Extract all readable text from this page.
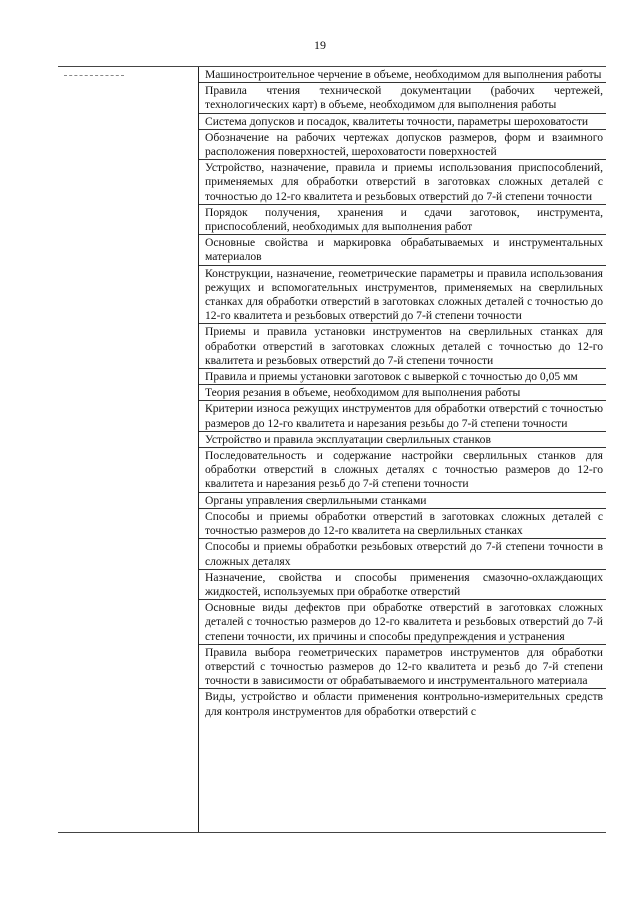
19
Машиностроительное черчение в объеме, необходимом для выполнения работы
Правила чтения технической документации (рабочих чертежей, технологических карт) в объеме, необходимом для выполнения работы
Система допусков и посадок, квалитеты точности, параметры шероховатости
Обозначение на рабочих чертежах допусков размеров, форм и взаимного расположения поверхностей, шероховатости поверхностей
Устройство, назначение, правила и приемы использования приспособлений, применяемых для обработки отверстий в заготовках сложных деталей с точностью до 12-го квалитета и резьбовых отверстий до 7-й степени точности
Порядок получения, хранения и сдачи заготовок, инструмента, приспособлений, необходимых для выполнения работ
Основные свойства и маркировка обрабатываемых и инструментальных материалов
Конструкции, назначение, геометрические параметры и правила использования режущих и вспомогательных инструментов, применяемых на сверлильных станках для обработки отверстий в заготовках сложных деталей с точностью до 12-го квалитета и резьбовых отверстий до 7-й степени точности
Приемы и правила установки инструментов на сверлильных станках для обработки отверстий в заготовках сложных деталей с точностью до 12-го квалитета и резьбовых отверстий до 7-й степени точности
Правила и приемы установки заготовок с выверкой с точностью до 0,05 мм
Теория резания в объеме, необходимом для выполнения работы
Критерии износа режущих инструментов для обработки отверстий с точностью размеров до 12-го квалитета и нарезания резьбы до 7-й степени точности
Устройство и правила эксплуатации сверлильных станков
Последовательность и содержание настройки сверлильных станков для обработки отверстий в сложных деталях с точностью размеров до 12-го квалитета и нарезания резьб до 7-й степени точности
Органы управления сверлильными станками
Способы и приемы обработки отверстий в заготовках сложных деталей с точностью размеров до 12-го квалитета на сверлильных станках
Способы и приемы обработки резьбовых отверстий до 7-й степени точности в сложных деталях
Назначение, свойства и способы применения смазочно-охлаждающих жидкостей, используемых при обработке отверстий
Основные виды дефектов при обработке отверстий в заготовках сложных деталей с точностью размеров до 12-го квалитета и резьбовых отверстий до 7-й степени точности, их причины и способы предупреждения и устранения
Правила выбора геометрических параметров инструментов для обработки отверстий с точностью размеров до 12-го квалитета и резьб до 7-й степени точности в зависимости от обрабатываемого и инструментального материала
Виды, устройство и области применения контрольно-измерительных средств для контроля инструментов для обработки отверстий с
